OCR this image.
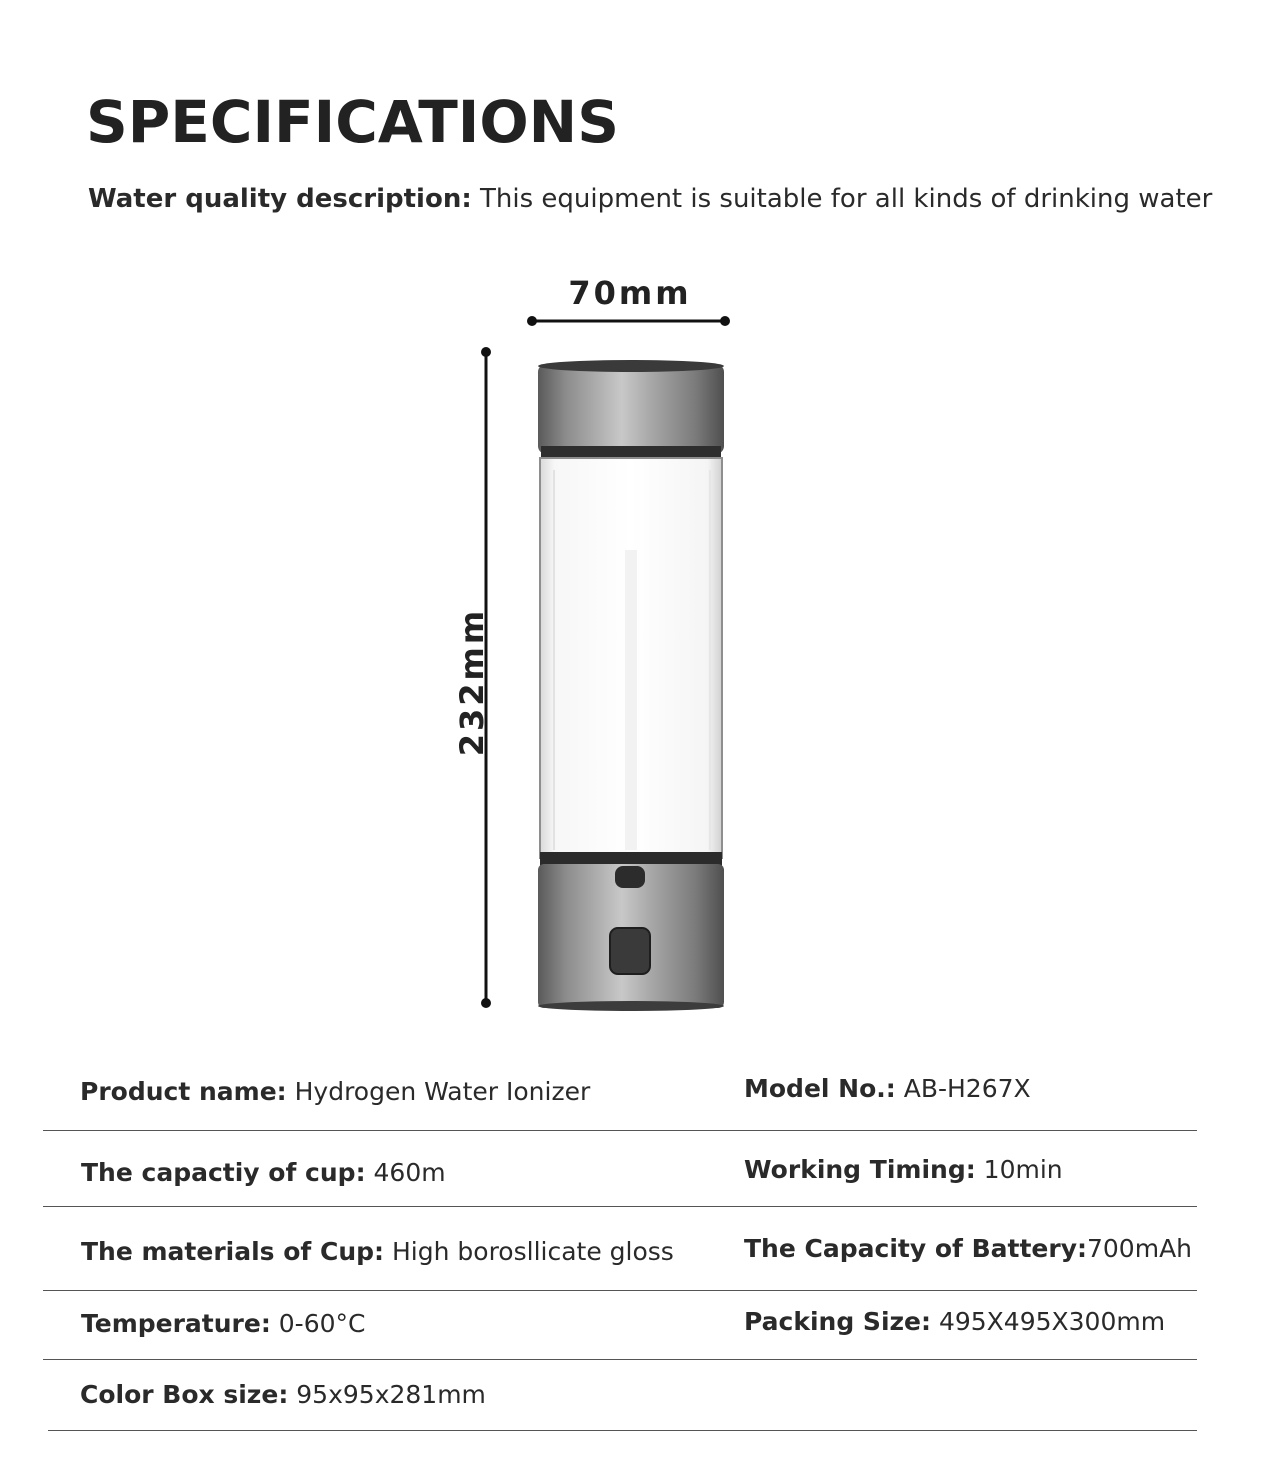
SPECIFICATIONS
Water quality description: This equipment is suitable for all kinds of drinking water
70mm
232mm
Product name: Hydrogen Water Ionizer	Model No.: AB-H267X
The capactiy of cup: 460m	Working Timing: 10min
The materials of Cup: High borosllicate gloss	The Capacity of Battery:700mAh
Temperature: 0-60°C	Packing Size: 495X495X300mm
Color Box size: 95x95x281mm
